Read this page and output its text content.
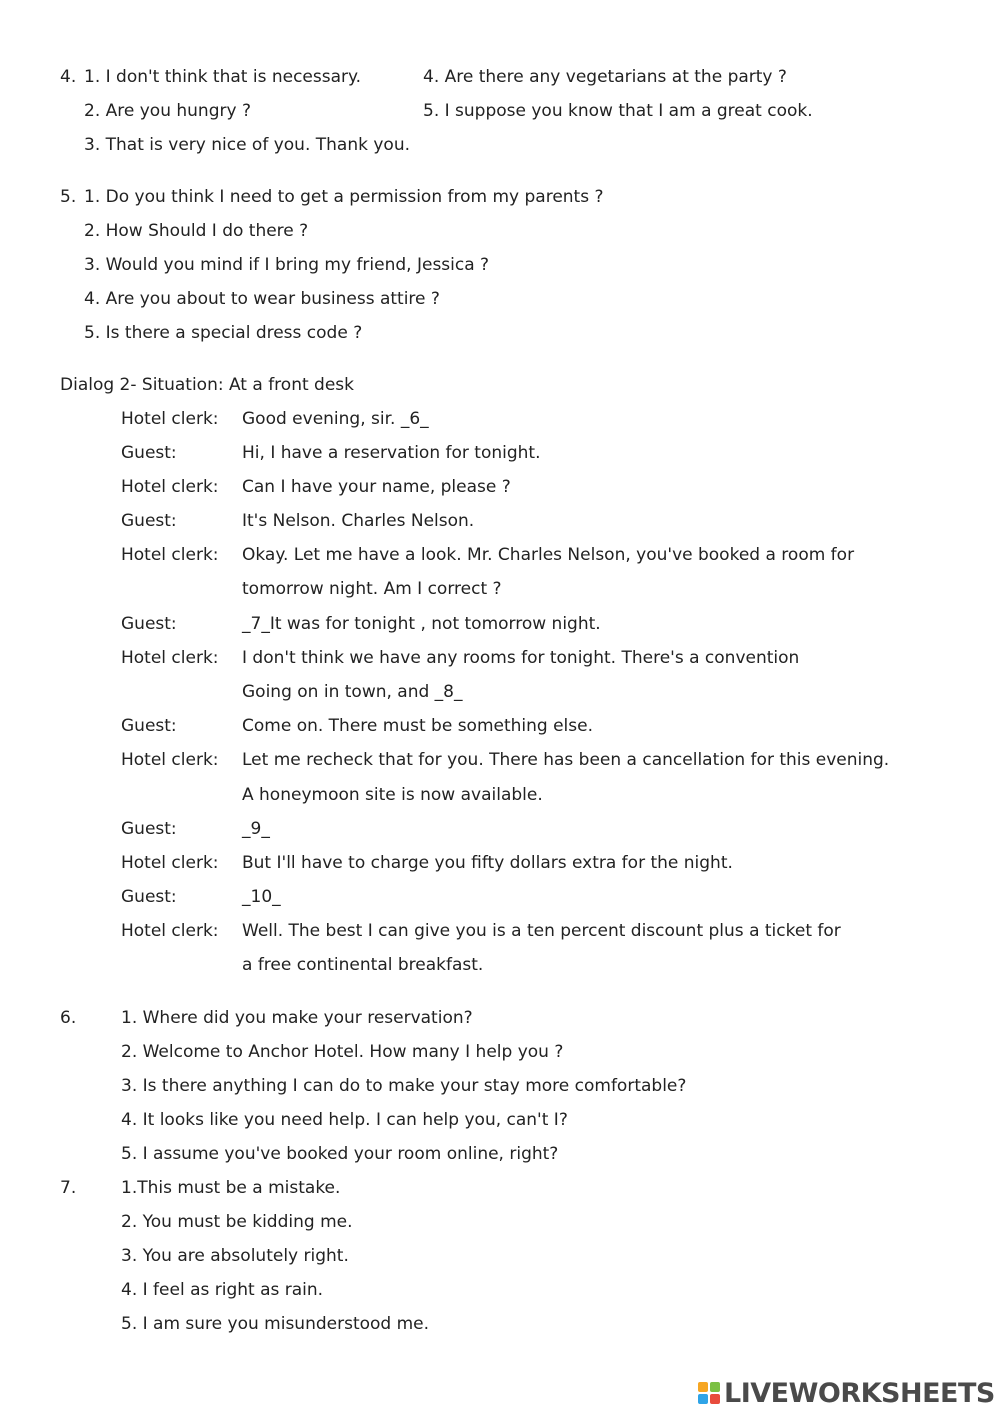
4. 1. I don't think that is necessary.	4. Are there any vegetarians at the party ?
2. Are you hungry ?	5. I suppose you know that I am a great cook.
3. That is very nice of you. Thank you.
5. 1. Do you think I need to get a permission from my parents ?
2. How Should I do there ?
3. Would you mind if I bring my friend, Jessica ?
4. Are you about to wear business attire ?
5. Is there a special dress code ?
Dialog 2- Situation: At a front desk
Hotel clerk: Good evening, sir. _6_
Guest:	Hi, I have a reservation for tonight.
Hotel clerk: Can I have your name, please ?
Guest:	It's Nelson. Charles Nelson.
Hotel clerk: Okay. Let me have a look. Mr. Charles Nelson, you've booked a room for
tomorrow night. Am I correct ?
Guest:	_7_It was for tonight , not tomorrow night.
Hotel clerk: I don't think we have any rooms for tonight. There's a convention
Going on in town, and _8_
Guest:	Come on. There must be something else.
Hotel clerk: Let me recheck that for you. There has been a cancellation for this evening.
A honeymoon site is now available.
Guest:	_9_
Hotel clerk: But I'll have to charge you fifty dollars extra for the night.
Guest:	_10_
Hotel clerk: Well. The best I can give you is a ten percent discount plus a ticket for
a free continental breakfast.
6.	1. Where did you make your reservation?
2. Welcome to Anchor Hotel. How many I help you ?
3. Is there anything I can do to make your stay more comfortable?
4. It looks like you need help. I can help you, can't I?
5. I assume you've booked your room online, right?
7.	1.This must be a mistake.
2. You must be kidding me.
3. You are absolutely right.
4. I feel as right as rain.
5. I am sure you misunderstood me.
LIVEWORKSHEETS
